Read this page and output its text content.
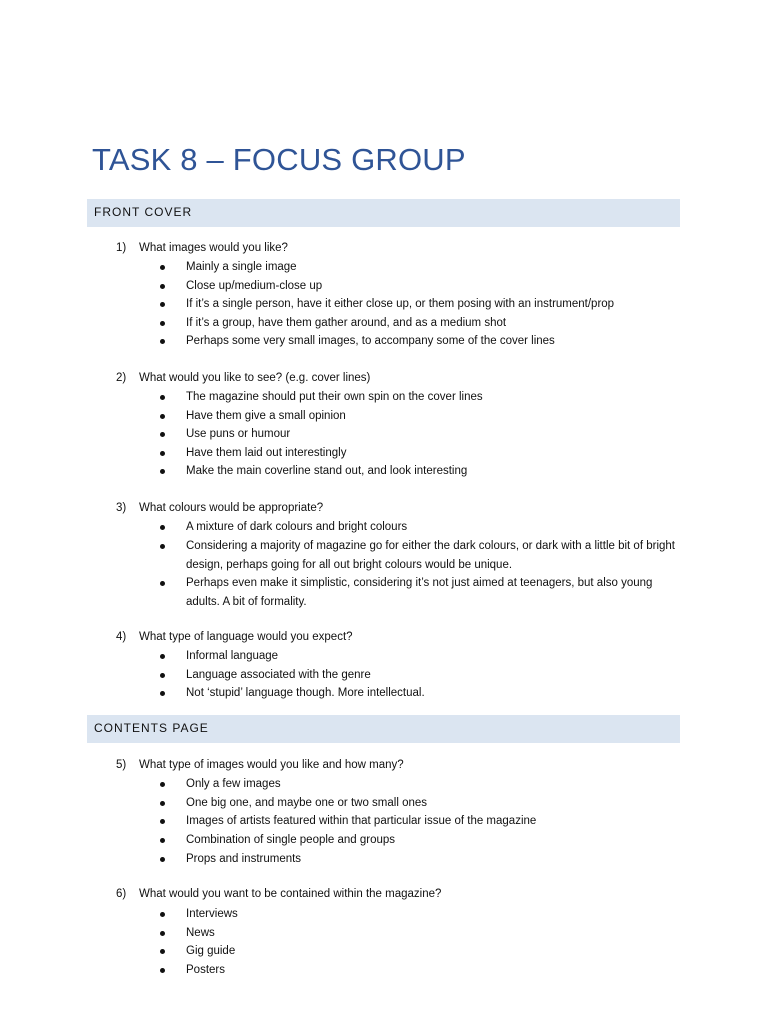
TASK 8 – FOCUS GROUP
FRONT COVER
1) What images would you like?
Mainly a single image
Close up/medium-close up
If it’s a single person, have it either close up, or them posing with an instrument/prop
If it’s a group, have them gather around, and as a medium shot
Perhaps some very small images, to accompany some of the cover lines
2) What would you like to see? (e.g. cover lines)
The magazine should put their own spin on the cover lines
Have them give a small opinion
Use puns or humour
Have them laid out interestingly
Make the main coverline stand out, and look interesting
3) What colours would be appropriate?
A mixture of dark colours and bright colours
Considering a majority of magazine go for either the dark colours, or dark with a little bit of bright design, perhaps going for all out bright colours would be unique.
Perhaps even make it simplistic, considering it’s not just aimed at teenagers, but also young adults. A bit of formality.
4) What type of language would you expect?
Informal language
Language associated with the genre
Not ‘stupid’ language though. More intellectual.
CONTENTS PAGE
5) What type of images would you like and how many?
Only a few images
One big one, and maybe one or two small ones
Images of artists featured within that particular issue of the magazine
Combination of single people and groups
Props and instruments
6) What would you want to be contained within the magazine?
Interviews
News
Gig guide
Posters
